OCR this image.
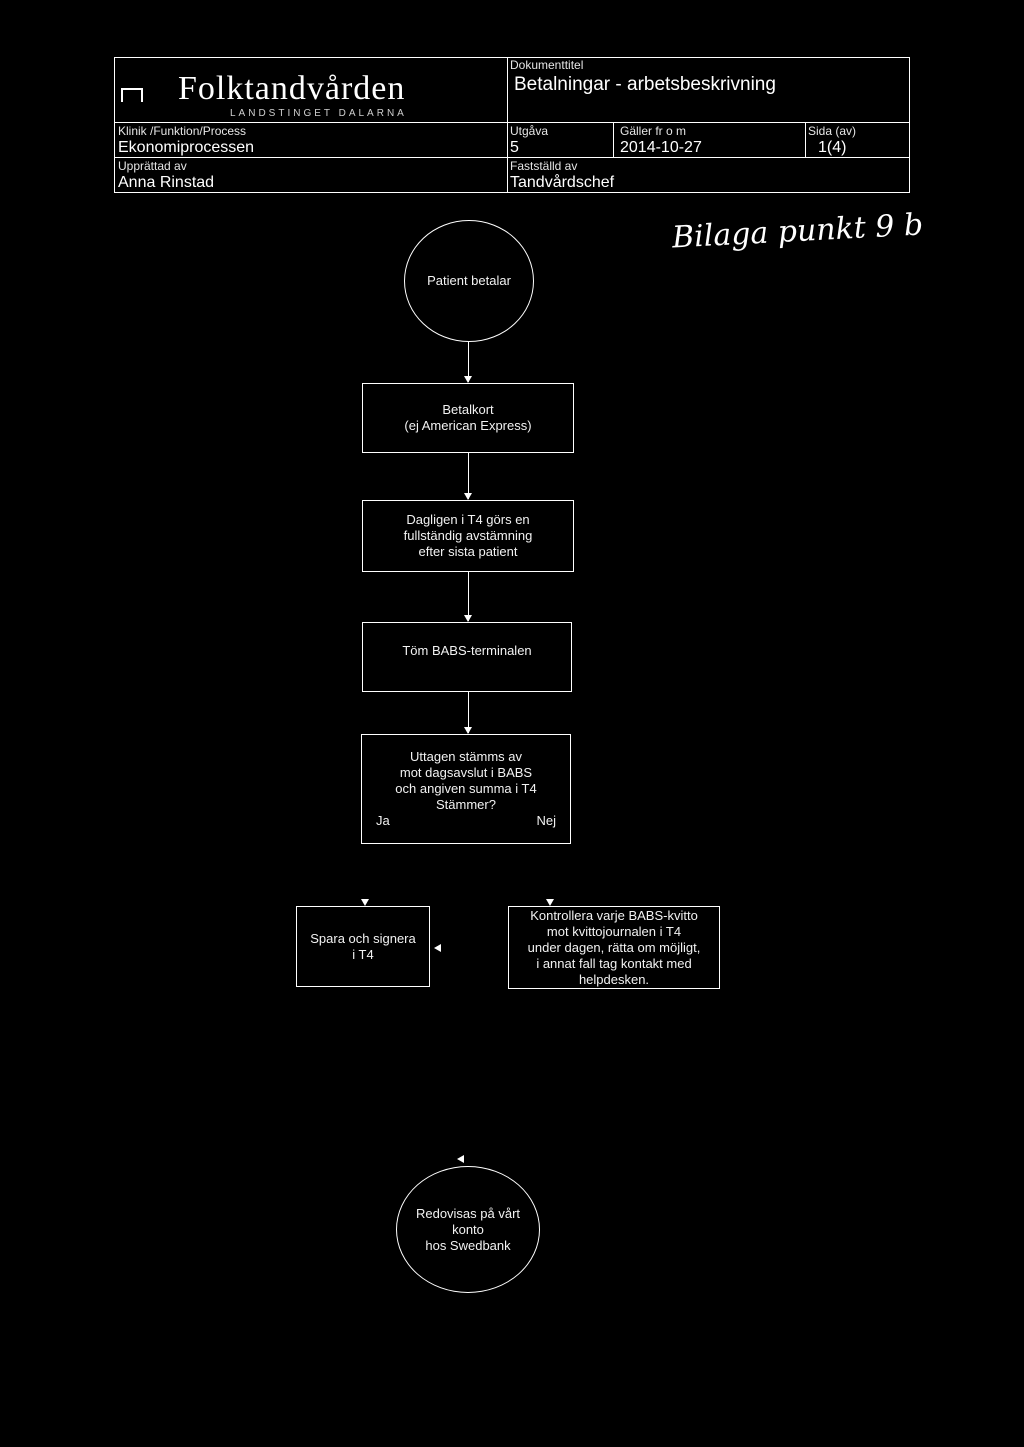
Folktandvården
LANDSTINGET DALARNA
Dokumenttitel
Betalningar - arbetsbeskrivning
Klinik /Funktion/Process
Ekonomiprocessen
Utgåva
5
Gäller fr o m
2014-10-27
Sida (av)
1(4)
Upprättad av
Anna Rinstad
Fastställd av
Tandvårdschef
Bilaga punkt 9 b
Patient betalar
Betalkort
(ej American Express)
Dagligen i T4 görs en
fullständig avstämning
efter sista patient
Töm BABS-terminalen
Uttagen stämms av
mot dagsavslut i BABS
och angiven summa i T4
Stämmer?
Ja	Nej
Spara och signera
i T4
Kontrollera varje BABS-kvitto
mot kvittojournalen i T4
under dagen, rätta om möjligt,
i annat fall tag kontakt med
helpdesken.
Redovisas på vårt
konto
hos Swedbank
